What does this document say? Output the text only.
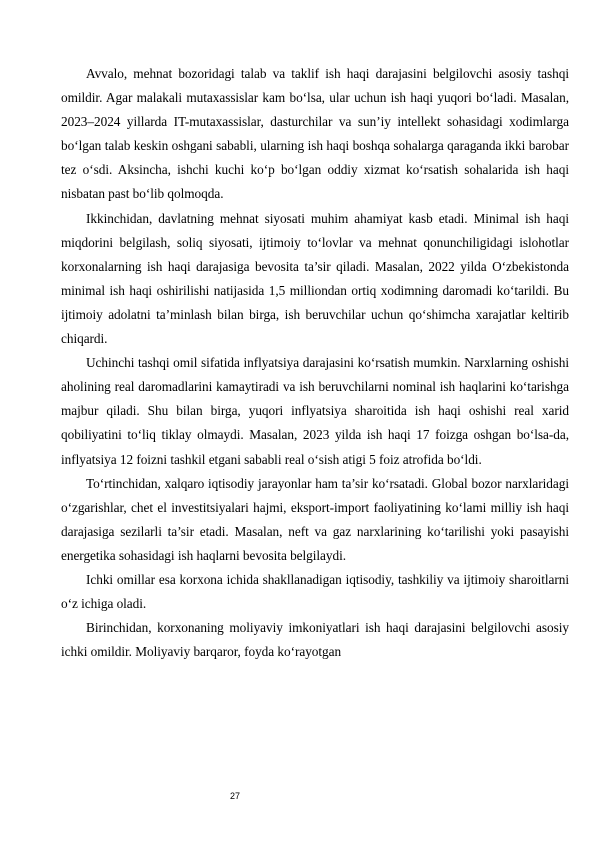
Avvalo, mehnat bozoridagi talab va taklif ish haqi darajasini belgilovchi asosiy tashqi omildir. Agar malakali mutaxassislar kam bo‘lsa, ular uchun ish haqi yuqori bo‘ladi. Masalan, 2023–2024 yillarda IT-mutaxassislar, dasturchilar va sun’iy intellekt sohasidagi xodimlarga bo‘lgan talab keskin oshgani sababli, ularning ish haqi boshqa sohalarga qaraganda ikki barobar tez o‘sdi. Aksincha, ishchi kuchi ko‘p bo‘lgan oddiy xizmat ko‘rsatish sohalarida ish haqi nisbatan past bo‘lib qolmoqda.

Ikkinchidan, davlatning mehnat siyosati muhim ahamiyat kasb etadi. Minimal ish haqi miqdorini belgilash, soliq siyosati, ijtimoiy to‘lovlar va mehnat qonunchiligidagi islohotlar korxonalarning ish haqi darajasiga bevosita ta’sir qiladi. Masalan, 2022 yilda O‘zbekistonda minimal ish haqi oshirilishi natijasida 1,5 milliondan ortiq xodimning daromadi ko‘tarildi. Bu ijtimoiy adolatni ta’minlash bilan birga, ish beruvchilar uchun qo‘shimcha xarajatlar keltirib chiqardi.

Uchinchi tashqi omil sifatida inflyatsiya darajasini ko‘rsatish mumkin. Narxlarning oshishi aholining real daromadlarini kamaytiradi va ish beruvchilarni nominal ish haqlarini ko‘tarishga majbur qiladi. Shu bilan birga, yuqori inflyatsiya sharoitida ish haqi oshishi real xarid qobiliyatini to‘liq tiklay olmaydi. Masalan, 2023 yilda ish haqi 17 foizga oshgan bo‘lsa-da, inflyatsiya 12 foizni tashkil etgani sababli real o‘sish atigi 5 foiz atrofida bo‘ldi.

To‘rtinchidan, xalqaro iqtisodiy jarayonlar ham ta’sir ko‘rsatadi. Global bozor narxlaridagi o‘zgarishlar, chet el investitsiyalari hajmi, eksport-import faoliyatining ko‘lami milliy ish haqi darajasiga sezilarli ta’sir etadi. Masalan, neft va gaz narxlarining ko‘tarilishi yoki pasayishi energetika sohasidagi ish haqlarni bevosita belgilaydi.

Ichki omillar esa korxona ichida shakllanadigan iqtisodiy, tashkiliy va ijtimoiy sharoitlarni o‘z ichiga oladi.

Birinchidan, korxonaning moliyaviy imkoniyatlari ish haqi darajasini belgilovchi asosiy ichki omildir. Moliyaviy barqaror, foyda ko‘rayotgan

27
